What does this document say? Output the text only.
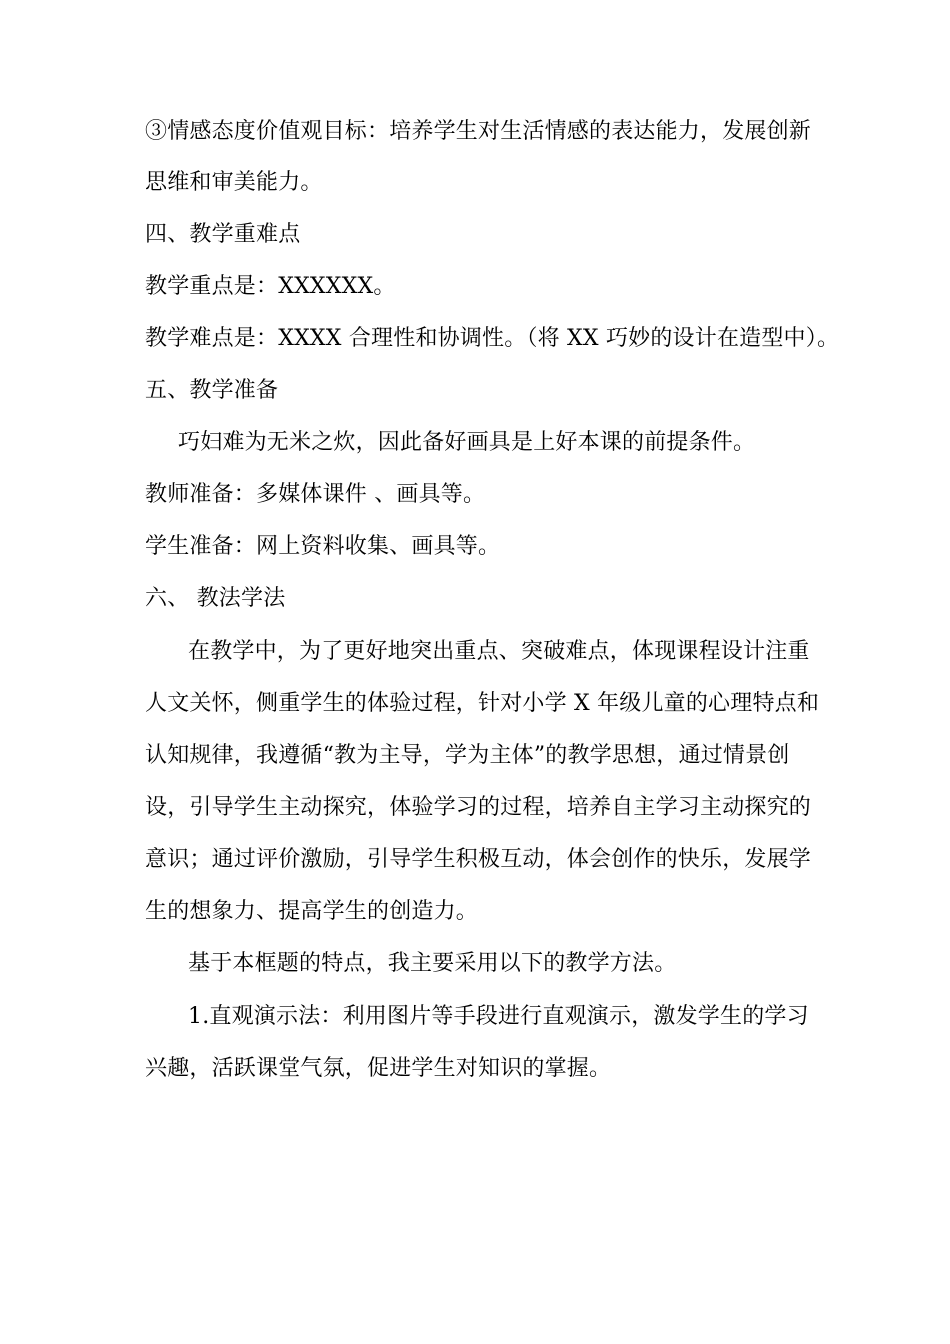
③情感态度价值观目标：培养学生对生活情感的表达能力，发展创新
思维和审美能力。
四、教学重难点
教学重点是：XXXXXX。
教学难点是：XXXX 合理性和协调性。（将 XX 巧妙的设计在造型中）。
五、教学准备
巧妇难为无米之炊，因此备好画具是上好本课的前提条件。
教师准备：多媒体课件 、画具等。
学生准备：网上资料收集、画具等。
六、 教法学法
在教学中，为了更好地突出重点、突破难点，体现课程设计注重
人文关怀，侧重学生的体验过程，针对小学 X 年级儿童的心理特点和
认知规律，我遵循“教为主导，学为主体”的教学思想，通过情景创
设，引导学生主动探究，体验学习的过程，培养自主学习主动探究的
意识；通过评价激励，引导学生积极互动，体会创作的快乐，发展学
生的想象力、提高学生的创造力。
基于本框题的特点，我主要采用以下的教学方法。
1.直观演示法：利用图片等手段进行直观演示，激发学生的学习
兴趣，活跃课堂气氛，促进学生对知识的掌握。
